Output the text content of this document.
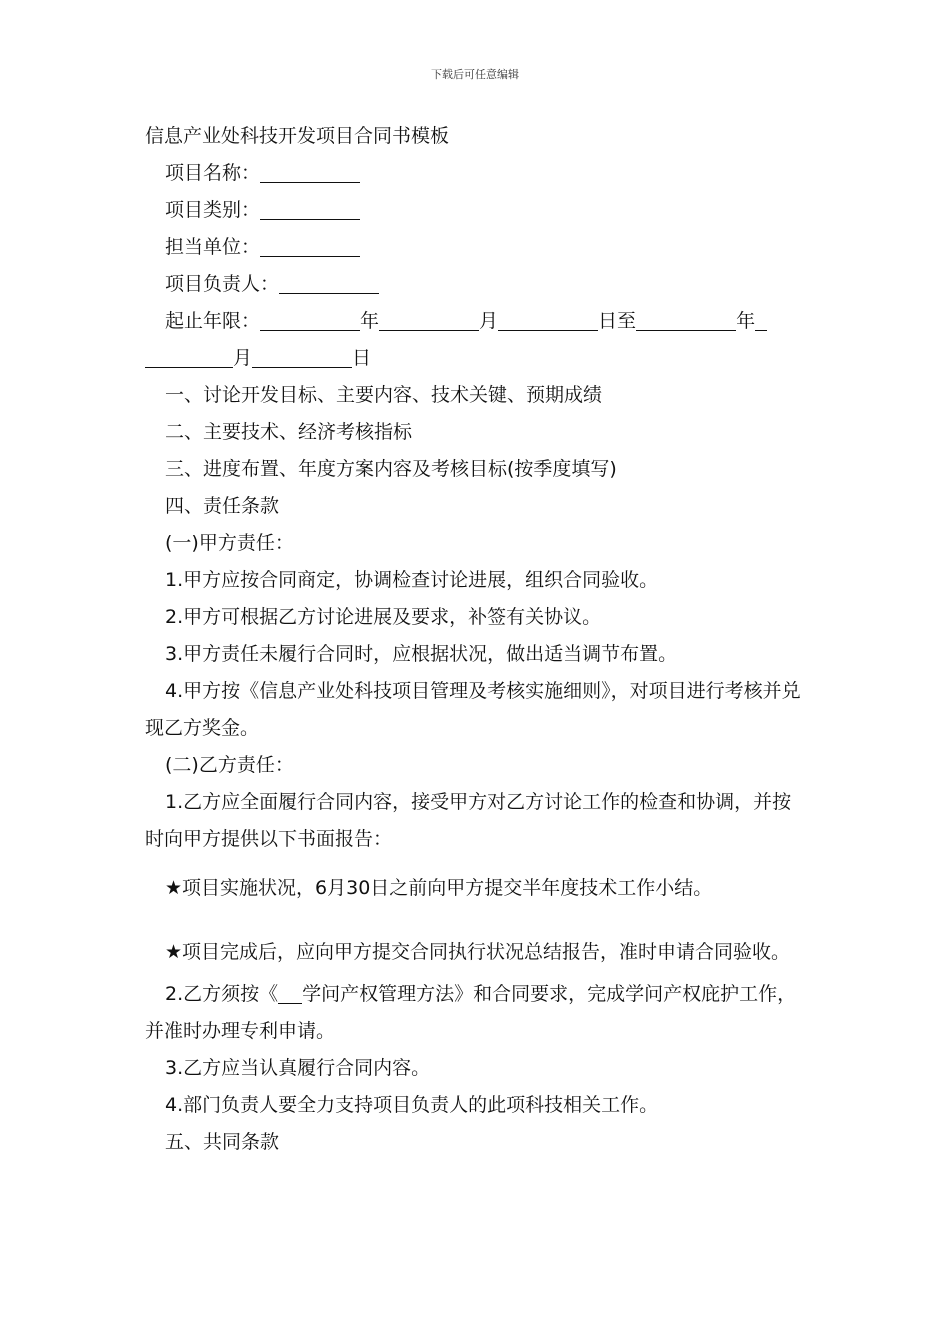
下载后可任意编辑

信息产业处科技开发项目合同书模板

项目名称：

项目类别：

担当单位：

项目负责人：

起止年限：	年	月	日至	年

月	日

一、讨论开发目标、主要内容、技术关键、预期成绩

二、主要技术、经济考核指标

三、进度布置、年度方案内容及考核目标(按季度填写)

四、责任条款

(一)甲方责任：

1.甲方应按合同商定，协调检查讨论进展，组织合同验收。

2.甲方可根据乙方讨论进展及要求，补签有关协议。

3.甲方责任未履行合同时，应根据状况，做出适当调节布置。

4.甲方按《信息产业处科技项目管理及考核实施细则》，对项目进行考核并兑现乙方奖金。

(二)乙方责任：

1.乙方应全面履行合同内容，接受甲方对乙方讨论工作的检查和协调，并按时向甲方提供以下书面报告：

★项目实施状况，6月30日之前向甲方提交半年度技术工作小结。

★项目完成后，应向甲方提交合同执行状况总结报告，准时申请合同验收。

2.乙方须按《 学问产权管理方法》和合同要求，完成学问产权庇护工作，并准时办理专利申请。

3.乙方应当认真履行合同内容。

4.部门负责人要全力支持项目负责人的此项科技相关工作。

五、共同条款
